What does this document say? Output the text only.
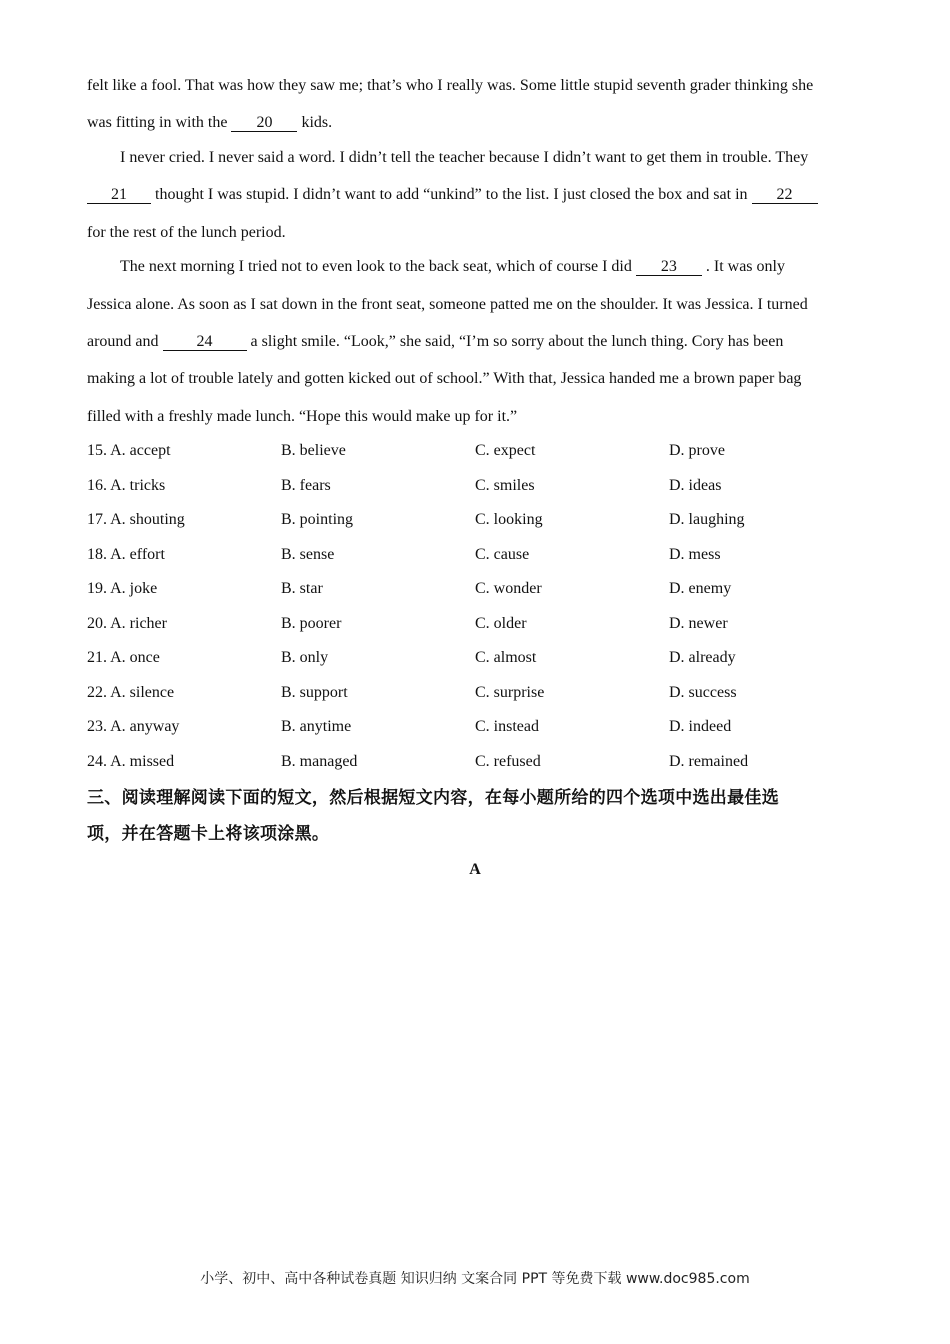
felt like a fool. That was how they saw me; that’s who I really was. Some little stupid seventh grader thinking she
was fitting in with the 20 kids.
I never cried. I never said a word. I didn’t tell the teacher because I didn’t want to get them in trouble. They
21 thought I was stupid. I didn’t want to add “unkind” to the list. I just closed the box and sat in 22
for the rest of the lunch period.
The next morning I tried not to even look to the back seat, which of course I did 23 . It was only
Jessica alone. As soon as I sat down in the front seat, someone patted me on the shoulder. It was Jessica. I turned
around and 24 a slight smile. “Look,” she said, “I’m so sorry about the lunch thing. Cory has been
making a lot of trouble lately and gotten kicked out of school.” With that, Jessica handed me a brown paper bag
filled with a freshly made lunch. “Hope this would make up for it.”
15. A. accept	B. believe	C. expect	D. prove
16. A. tricks	B. fears	C. smiles	D. ideas
17. A. shouting	B. pointing	C. looking	D. laughing
18. A. effort	B. sense	C. cause	D. mess
19. A. joke	B. star	C. wonder	D. enemy
20. A. richer	B. poorer	C. older	D. newer
21. A. once	B. only	C. almost	D. already
22. A. silence	B. support	C. surprise	D. success
23. A. anyway	B. anytime	C. instead	D. indeed
24. A. missed	B. managed	C. refused	D. remained
三、阅读理解阅读下面的短文，然后根据短文内容，在每小题所给的四个选项中选出最佳选
项，并在答题卡上将该项涂黑。
A
小学、初中、高中各种试卷真题 知识归纳 文案合同 PPT 等免费下载 www.doc985.com
